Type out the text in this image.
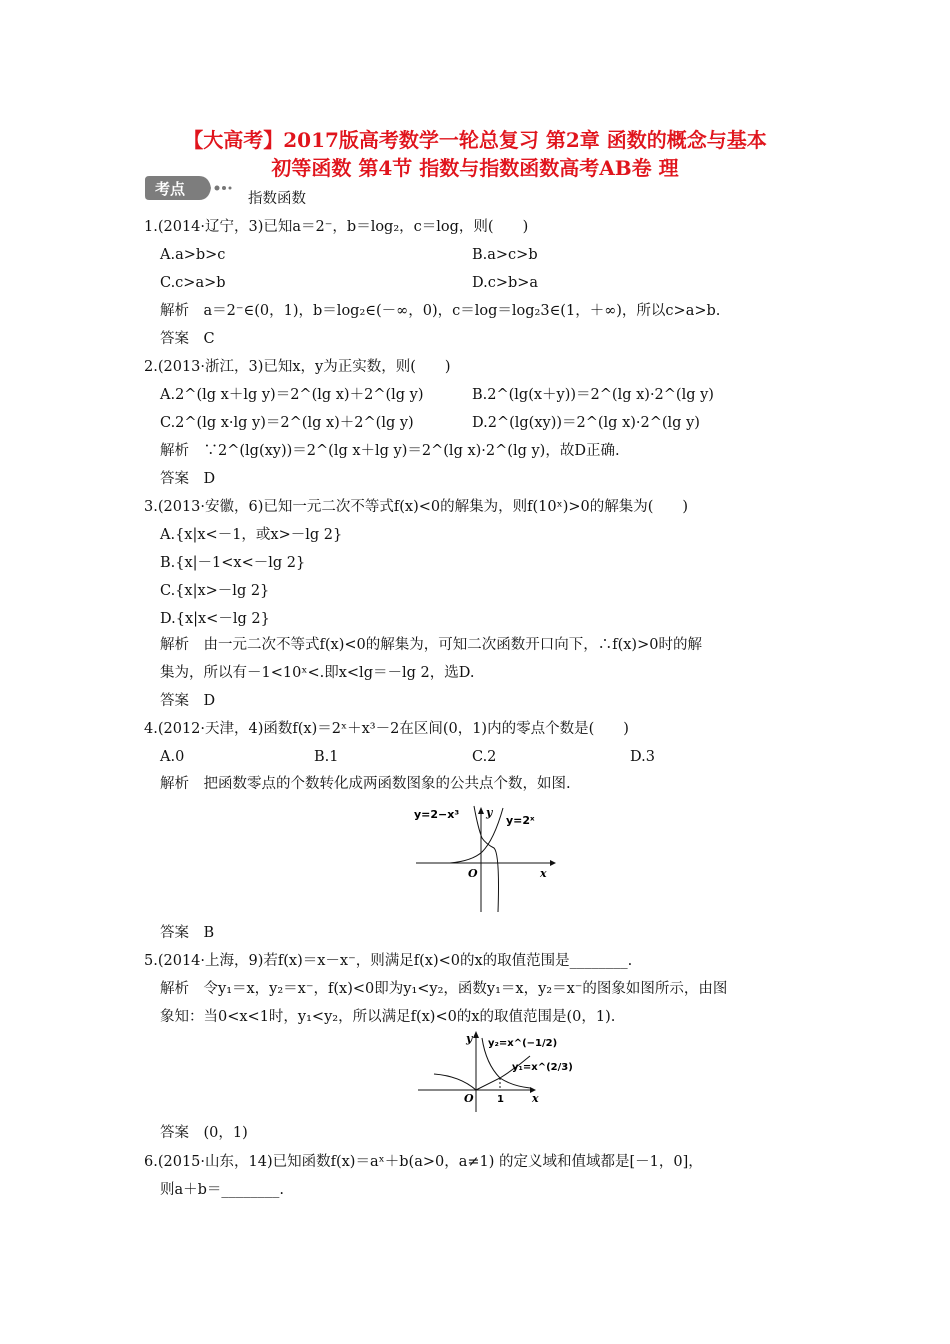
【大高考】2017版高考数学一轮总复习 第2章 函数的概念与基本
初等函数 第4节 指数与指数函数高考AB卷 理
考点
指数函数
1.(2014·辽宁，3)已知a＝2⁻，b＝log₂，c＝log，则(　　)
A.a>b>c	B.a>c>b
C.c>a>b	D.c>b>a
解析　a＝2⁻∈(0，1)，b＝log₂∈(－∞，0)，c＝log＝log₂3∈(1，＋∞)，所以c>a>b.
答案　C
2.(2013·浙江，3)已知x，y为正实数，则(　　)
A.2^(lg x＋lg y)＝2^(lg x)＋2^(lg y)	B.2^(lg(x＋y))＝2^(lg x)·2^(lg y)
C.2^(lg x·lg y)＝2^(lg x)＋2^(lg y)	D.2^(lg(xy))＝2^(lg x)·2^(lg y)
解析　∵2^(lg(xy))＝2^(lg x＋lg y)＝2^(lg x)·2^(lg y)，故D正确.
答案　D
3.(2013·安徽，6)已知一元二次不等式f(x)<0的解集为，则f(10ˣ)>0的解集为(　　)
A.{x|x<－1，或x>－lg 2}
B.{x|－1<x<－lg 2}
C.{x|x>－lg 2}
D.{x|x<－lg 2}
解析　由一元二次不等式f(x)<0的解集为，可知二次函数开口向下，∴f(x)>0时的解
集为，所以有－1<10ˣ<.即x<lg＝－lg 2，选D.
答案　D
4.(2012·天津，4)函数f(x)＝2ˣ＋x³－2在区间(0，1)内的零点个数是(　　)
A.0	B.1	C.2	D.3
解析　把函数零点的个数转化成两函数图象的公共点个数，如图.
y=2−x³	y=2ˣ
y
x
O
答案　B
5.(2014·上海，9)若f(x)＝x－x⁻，则满足f(x)<0的x的取值范围是________.
解析　令y₁＝x，y₂＝x⁻，f(x)<0即为y₁<y₂，函数y₁＝x，y₂＝x⁻的图象如图所示，由图
象知：当0<x<1时，y₁<y₂，所以满足f(x)<0的x的取值范围是(0，1).
y₂=x^(−1/2)
y₁=x^(2/3)
y
x
O 1
答案　(0，1)
6.(2015·山东，14)已知函数f(x)＝aˣ＋b(a>0，a≠1) 的定义域和值域都是[－1，0]，
则a＋b＝________.
